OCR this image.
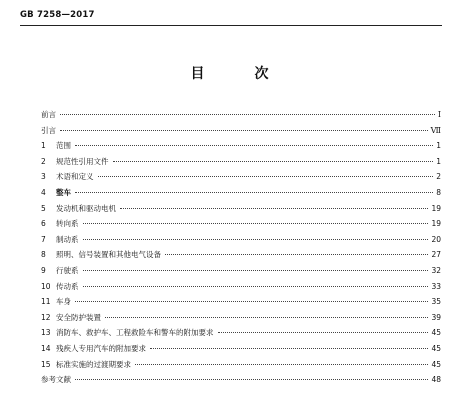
GB 7258—2017
目　次
前言	Ⅰ
引言	Ⅶ
1 范围	1
2 规范性引用文件	1
3 术语和定义	2
4 整车	8
5 发动机和驱动电机	19
6 转向系	19
7 制动系	20
8 照明、信号装置和其他电气设备	27
9 行驶系	32
10 传动系	33
11 车身	35
12 安全防护装置	39
13 消防车、救护车、工程救险车和警车的附加要求	45
14 残疾人专用汽车的附加要求	45
15 标准实施的过渡期要求	45
参考文献	48
